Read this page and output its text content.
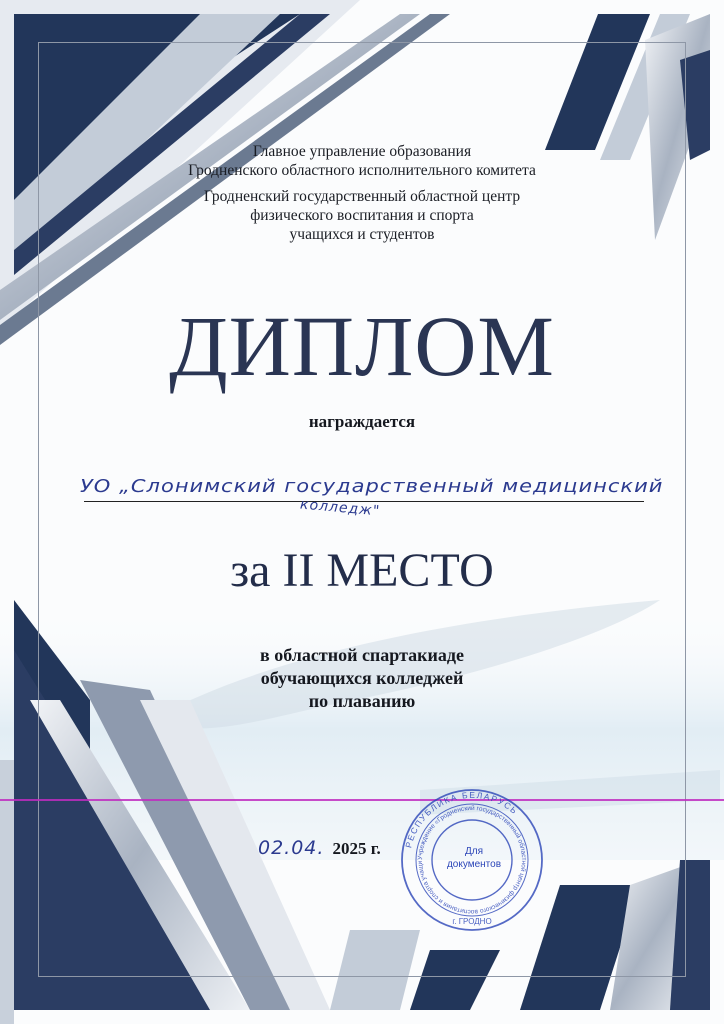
Главное управление образования
Гродненского областного исполнительного комитета
Гродненский государственный областной центр
физического воспитания и спорта
учащихся и студентов
ДИПЛОМ
награждается
УО „Слонимский государственный медицинский
колледж"
за II МЕСТО
в областной спартакиаде
обучающихся колледжей
по плаванию
02.04. 2025 г.	РЕСПУБЛИКА БЕЛАРУСЬ
Учреждение «Гродненский государственный областной центр физического воспитания и спорта учащи
г. ГРОДНО
Для
документов
